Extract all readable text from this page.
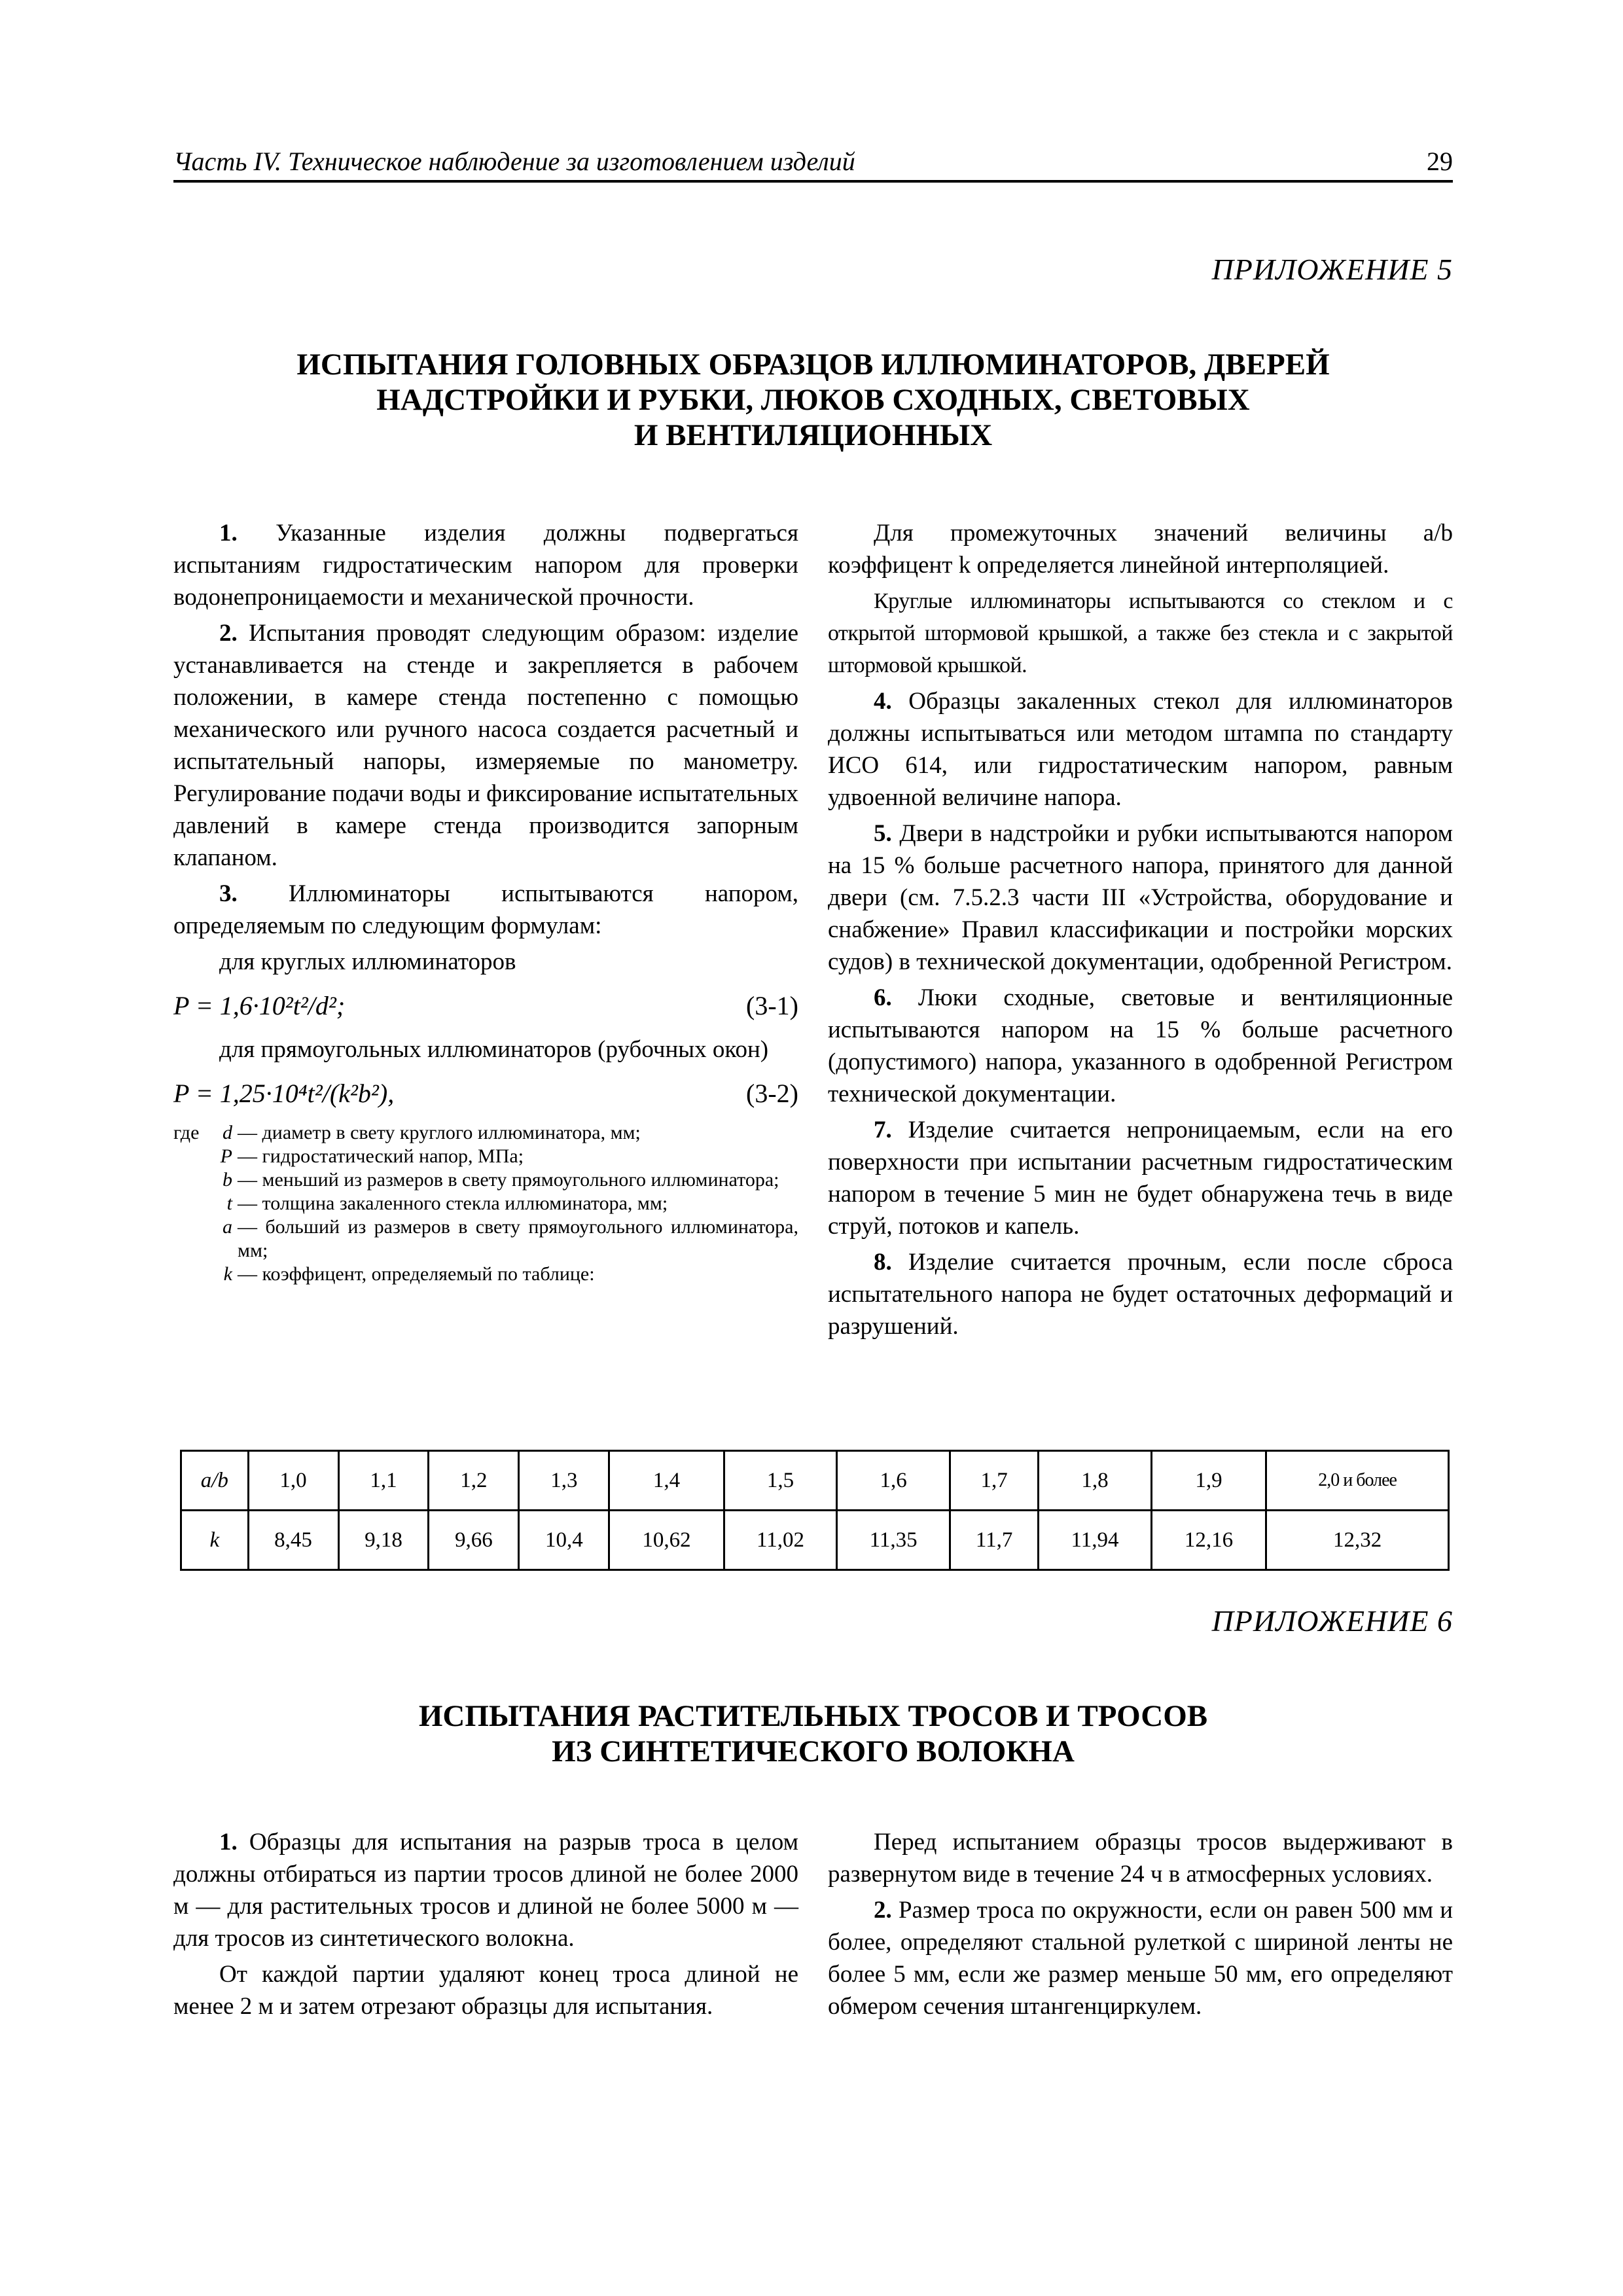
Часть IV. Техническое наблюдение за изготовлением изделий	29
ПРИЛОЖЕНИЕ 5
ИСПЫТАНИЯ ГОЛОВНЫХ ОБРАЗЦОВ ИЛЛЮМИНАТОРОВ, ДВЕРЕЙ
НАДСТРОЙКИ И РУБКИ, ЛЮКОВ СХОДНЫХ, СВЕТОВЫХ
И ВЕНТИЛЯЦИОННЫХ

1. Указанные изделия должны подвергаться испытаниям гидростатическим напором для проверки водонепроницаемости и механической прочности.

2. Испытания проводят следующим образом: изделие устанавливается на стенде и закрепляется в рабочем положении, в камере стенда постепенно с помощью механического или ручного насоса создается расчетный и испытательный напоры, измеряемые по манометру. Регулирование подачи воды и фиксирование испытательных давлений в камере стенда производится запорным клапаном.

3. Иллюминаторы испытываются напором, определяемым по следующим формулам:

для круглых иллюминаторов

P = 1,6·10²t²/d²;	(3-1)

для прямоугольных иллюминаторов (рубочных окон)

P = 1,25·10⁴t²/(k²b²),	(3-2)
где	d — диаметр в свету круглого иллюминатора, мм;
P — гидростатический напор, МПа;
b — меньший из размеров в свету прямоугольного иллюминатора;
t — толщина закаленного стекла иллюминатора, мм;
a — больший из размеров в свету прямоугольного иллюминатора, мм;
k — коэффицент, определяемый по таблице:

Для промежуточных значений величины a/b коэффицент k определяется линейной интерполяцией.

Круглые иллюминаторы испытываются со стеклом и с открытой штормовой крышкой, а также без стекла и с закрытой штормовой крышкой.

4. Образцы закаленных стекол для иллюминаторов должны испытываться или методом штампа по стандарту ИСО 614, или гидростатическим напором, равным удвоенной величине напора.

5. Двери в надстройки и рубки испытываются напором на 15 % больше расчетного напора, принятого для данной двери (см. 7.5.2.3 части III «Устройства, оборудование и снабжение» Правил классификации и постройки морских судов) в технической документации, одобренной Регистром.

6. Люки сходные, световые и вентиляционные испытываются напором на 15 % больше расчетного (допустимого) напора, указанного в одобренной Регистром технической документации.

7. Изделие считается непроницаемым, если на его поверхности при испытании расчетным гидростатическим напором в течение 5 мин не будет обнаружена течь в виде струй, потоков и капель.

8. Изделие считается прочным, если после сброса испытательного напора не будет остаточных деформаций и разрушений.

a/b	1,0	1,1	1,2	1,3	1,4	1,5	1,6	1,7	1,8	1,9	2,0 и более
k	8,45	9,18	9,66	10,4	10,62	11,02	11,35	11,7	11,94	12,16	12,32
ПРИЛОЖЕНИЕ 6
ИСПЫТАНИЯ РАСТИТЕЛЬНЫХ ТРОСОВ И ТРОСОВ
ИЗ СИНТЕТИЧЕСКОГО ВОЛОКНА

1. Образцы для испытания на разрыв троса в целом должны отбираться из партии тросов длиной не более 2000 м — для растительных тросов и длиной не более 5000 м — для тросов из синтетического волокна.

От каждой партии удаляют конец троса длиной не менее 2 м и затем отрезают образцы для испытания.

Перед испытанием образцы тросов выдерживают в развернутом виде в течение 24 ч в атмосферных условиях.

2. Размер троса по окружности, если он равен 500 мм и более, определяют стальной рулеткой с шириной ленты не более 5 мм, если же размер меньше 50 мм, его определяют обмером сечения штангенциркулем.
